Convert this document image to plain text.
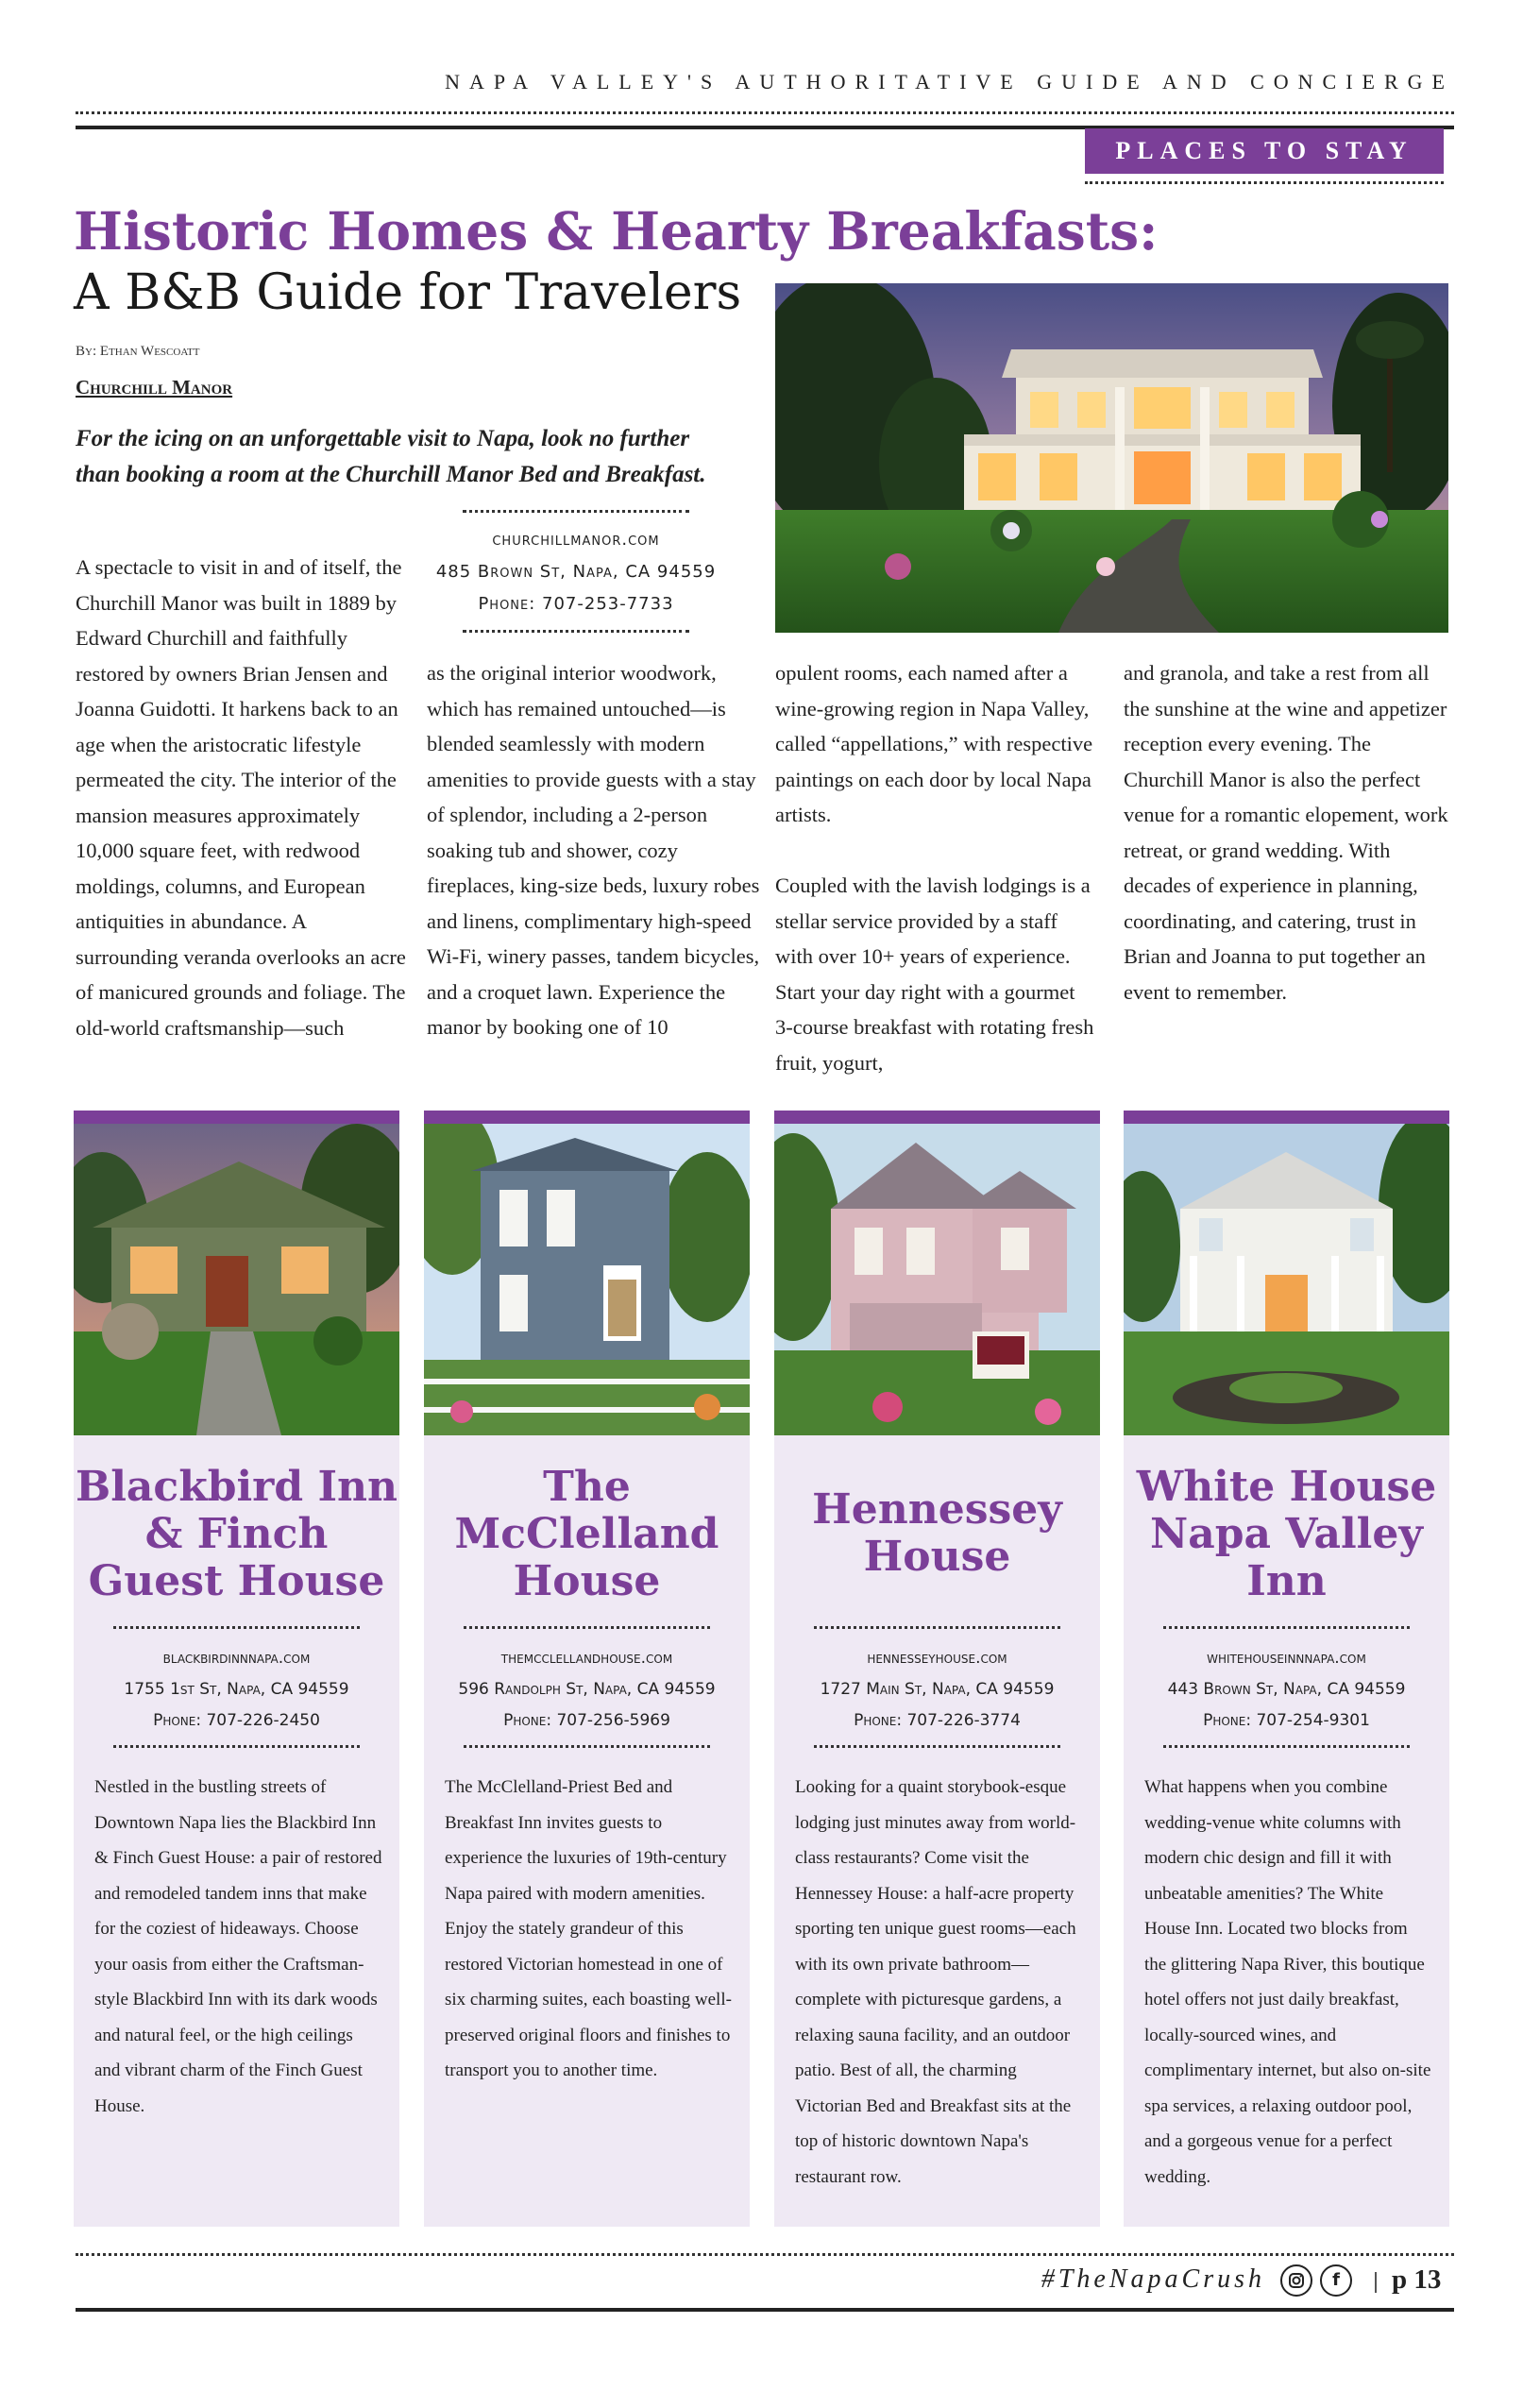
NAPA VALLEY'S AUTHORITATIVE GUIDE AND CONCIERGE
PLACES TO STAY
Historic Homes & Hearty Breakfasts:
A B&B Guide for Travelers
By: Ethan Wescoatt
Churchill Manor
For the icing on an unforgettable visit to Napa, look no further than booking a room at the Churchill Manor Bed and Breakfast.
churchillmanor.com
485 Brown St, Napa, CA 94559
Phone: 707-253-7733
A spectacle to visit in and of itself, the Churchill Manor was built in 1889 by Edward Churchill and faithfully restored by owners Brian Jensen and Joanna Guidotti. It harkens back to an age when the aristocratic lifestyle permeated the city. The interior of the mansion measures approximately 10,000 square feet, with redwood moldings, columns, and European antiquities in abundance. A surrounding veranda overlooks an acre of manicured grounds and foliage. The old-world craftsmanship—such
as the original interior woodwork, which has remained untouched—is blended seamlessly with modern amenities to provide guests with a stay of splendor, including a 2-person soaking tub and shower, cozy fireplaces, king-size beds, luxury robes and linens, complimentary high-speed Wi-Fi, winery passes, tandem bicycles, and a croquet lawn. Experience the manor by booking one of 10
opulent rooms, each named after a wine-growing region in Napa Valley, called “appellations,” with respective paintings on each door by local Napa artists.
Coupled with the lavish lodgings is a stellar service provided by a staff with over 10+ years of experience. Start your day right with a gourmet 3-course breakfast with rotating fresh fruit, yogurt,
and granola, and take a rest from all the sunshine at the wine and appetizer reception every evening. The Churchill Manor is also the perfect venue for a romantic elopement, work retreat, or grand wedding. With decades of experience in planning, coordinating, and catering, trust in Brian and Joanna to put together an event to remember.
Blackbird Inn
& Finch
Guest House
blackbirdinnnapa.com
1755 1st St, Napa, CA 94559
Phone: 707-226-2450
Nestled in the bustling streets of Downtown Napa lies the Blackbird Inn & Finch Guest House: a pair of restored and remodeled tandem inns that make for the coziest of hideaways. Choose your oasis from either the Craftsman-style Blackbird Inn with its dark woods and natural feel, or the high ceilings and vibrant charm of the Finch Guest House.
The
McClelland
House
themcclellandhouse.com
596 Randolph St, Napa, CA 94559
Phone: 707-256-5969
The McClelland-Priest Bed and Breakfast Inn invites guests to experience the luxuries of 19th-century Napa paired with modern amenities. Enjoy the stately grandeur of this restored Victorian homestead in one of six charming suites, each boasting well-preserved original floors and finishes to transport you to another time.
Hennessey
House
hennesseyhouse.com
1727 Main St, Napa, CA 94559
Phone: 707-226-3774
Looking for a quaint storybook-esque lodging just minutes away from world-class restaurants? Come visit the Hennessey House: a half-acre property sporting ten unique guest rooms—each with its own private bathroom—complete with picturesque gardens, a relaxing sauna facility, and an outdoor patio. Best of all, the charming Victorian Bed and Breakfast sits at the top of historic downtown Napa's restaurant row.
White House
Napa Valley
Inn
whitehouseinnnapa.com
443 Brown St, Napa, CA 94559
Phone: 707-254-9301
What happens when you combine wedding-venue white columns with modern chic design and fill it with unbeatable amenities? The White House Inn. Located two blocks from the glittering Napa River, this boutique hotel offers not just daily breakfast, locally-sourced wines, and complimentary internet, but also on-site spa services, a relaxing outdoor pool, and a gorgeous venue for a perfect wedding.
#TheNapaCrush	f	p 13
